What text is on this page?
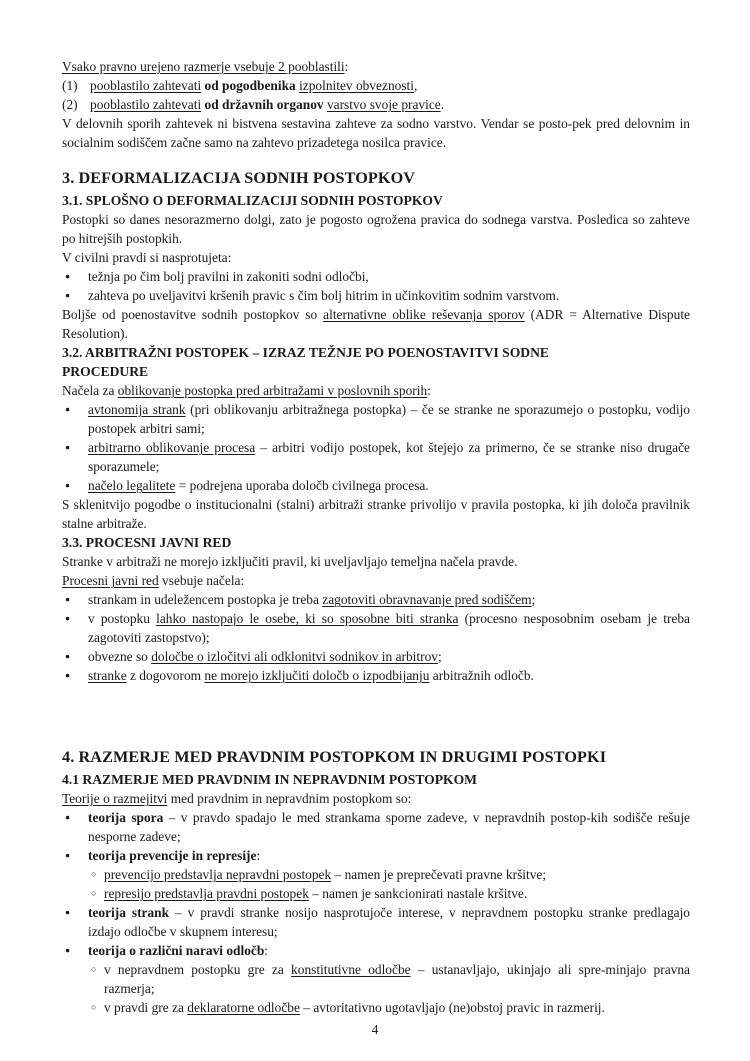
Vsako pravno urejeno razmerje vsebuje 2 pooblastili:
(1) pooblastilo zahtevati od pogodbenika izpolnitev obveznosti,
(2) pooblastilo zahtevati od državnih organov varstvo svoje pravice.
V delovnih sporih zahtevek ni bistvena sestavina zahteve za sodno varstvo. Vendar se posto-pek pred delovnim in socialnim sodiščem začne samo na zahtevo prizadetega nosilca pravice.
3. DEFORMALIZACIJA SODNIH POSTOPKOV
3.1. SPLOŠNO O DEFORMALIZACIJI SODNIH POSTOPKOV
Postopki so danes nesorazmerno dolgi, zato je pogosto ogrožena pravica do sodnega varstva. Posledica so zahteve po hitrejših postopkih.
V civilni pravdi si nasprotujeta:
● težnja po čim bolj pravilni in zakoniti sodni odločbi,
● zahteva po uveljavitvi kršenih pravic s čim bolj hitrim in učinkovitim sodnim varstvom.
Boljše od poenostavitve sodnih postopkov so alternativne oblike reševanja sporov (ADR = Alternative Dispute Resolution).
3.2. ARBITRAŽNI POSTOPEK – IZRAZ TEŽNJE PO POENOSTAVITVI SODNE
PROCEDURE
Načela za oblikovanje postopka pred arbitražami v poslovnih sporih:
● avtonomija strank (pri oblikovanju arbitražnega postopka) – če se stranke ne sporazumejo o postopku, vodijo postopek arbitri sami;
● arbitrarno oblikovanje procesa – arbitri vodijo postopek, kot štejejo za primerno, če se stranke niso drugače sporazumele;
● načelo legalitete = podrejena uporaba določb civilnega procesa.
S sklenitvijo pogodbe o institucionalni (stalni) arbitraži stranke privolijo v pravila postopka, ki jih določa pravilnik stalne arbitraže.
3.3. PROCESNI JAVNI RED
Stranke v arbitraži ne morejo izključiti pravil, ki uveljavljajo temeljna načela pravde.
Procesni javni red vsebuje načela:
● strankam in udeležencem postopka je treba zagotoviti obravnavanje pred sodiščem;
● v postopku lahko nastopajo le osebe, ki so sposobne biti stranka (procesno nesposobnim osebam je treba zagotoviti zastopstvo);
● obvezne so določbe o izločitvi ali odklonitvi sodnikov in arbitrov;
● stranke z dogovorom ne morejo izključiti določb o izpodbijanju arbitražnih odločb.
4. RAZMERJE MED PRAVDNIM POSTOPKOM IN DRUGIMI POSTOPKI
4.1 RAZMERJE MED PRAVDNIM IN NEPRAVDNIM POSTOPKOM
Teorije o razmejitvi med pravdnim in nepravdnim postopkom so:
● teorija spora – v pravdo spadajo le med strankama sporne zadeve, v nepravdnih postop-kih sodišče rešuje nesporne zadeve;
● teorija prevencije in represije:
○ prevencijo predstavlja nepravdni postopek – namen je preprečevati pravne kršitve;
○ represijo predstavlja pravdni postopek – namen je sankcionirati nastale kršitve.
● teorija strank – v pravdi stranke nosijo nasprotujoče interese, v nepravdnem postopku stranke predlagajo izdajo odločbe v skupnem interesu;
● teorija o različni naravi odločb:
○ v nepravdnem postopku gre za konstitutivne odločbe – ustanavljajo, ukinjajo ali spre-minjajo pravna razmerja;
○ v pravdi gre za deklaratorne odločbe – avtoritativno ugotavljajo (ne)obstoj pravic in razmerij.
4
